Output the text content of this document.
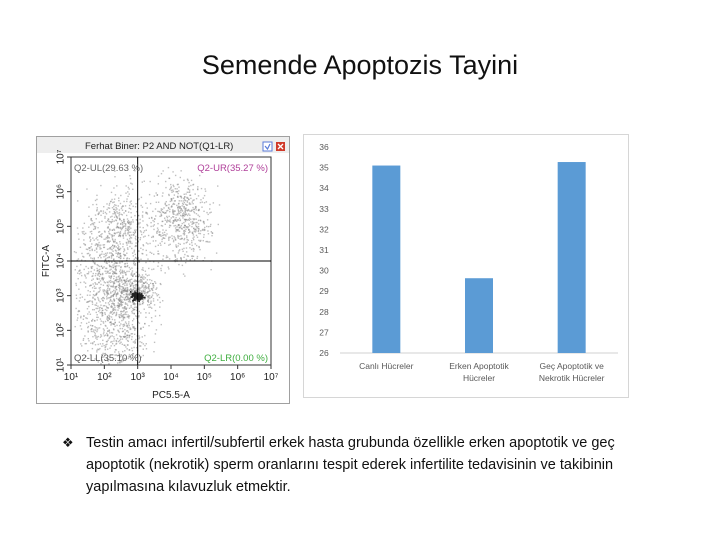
Semende Apoptozis Tayini
Ferhat Biner: P2 AND NOT(Q1-LR)
Q2-UL(29.63 %)	Q2-UR(35.27 %)
Q2-LL(35.10 %)	Q2-LR(0.00 %)
10¹ 10² 10³ 10⁴ 10⁵ 10⁶ 10⁷
10¹
10²
10³
10⁴
10⁵
10⁶
10⁷
PC5.5-A
FITC-A
26
27
28
29
30
31
32
33
34
35
36
Canlı Hücreler	Erken Apoptotik
Hücreler
Geç Apoptotik ve
Nekrotik Hücreler
❖ Testin amacı infertil/subfertil erkek hasta grubunda özellikle erken apoptotik ve geç apoptotik (nekrotik) sperm oranlarını tespit ederek infertilite tedavisinin ve takibinin yapılmasına kılavuzluk etmektir.
